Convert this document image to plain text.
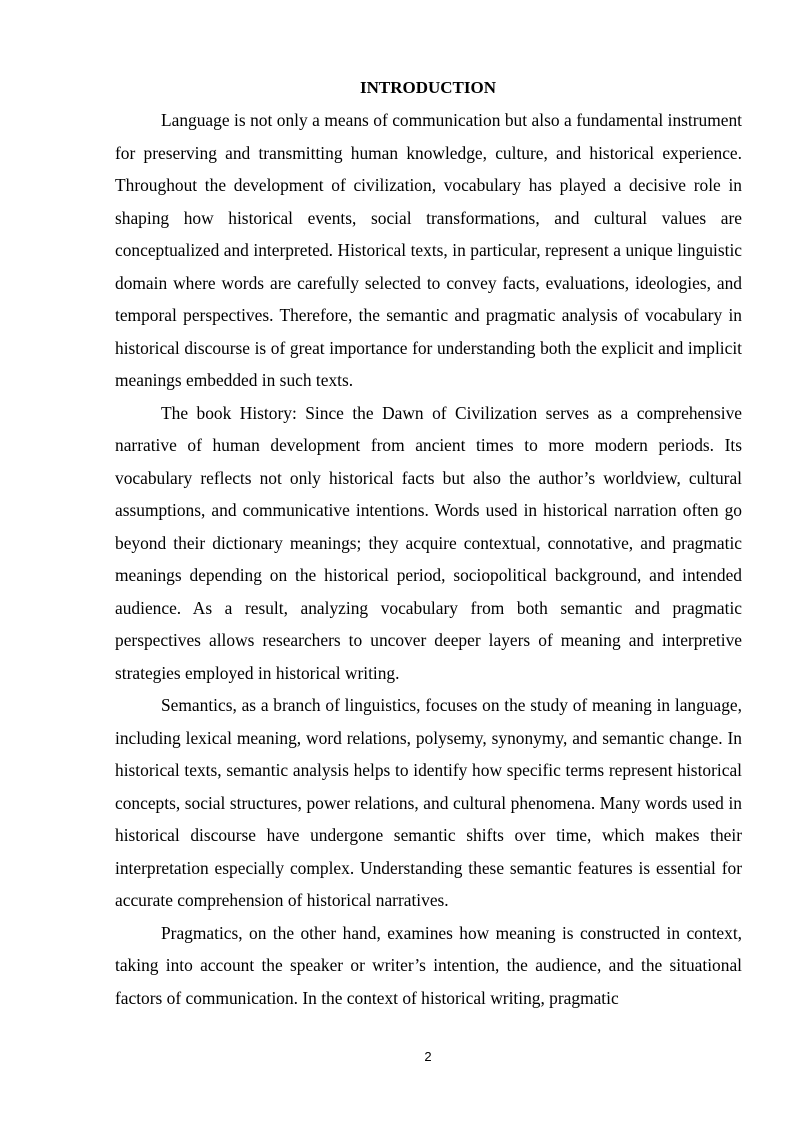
INTRODUCTION

Language is not only a means of communication but also a fundamental instrument for preserving and transmitting human knowledge, culture, and historical experience. Throughout the development of civilization, vocabulary has played a decisive role in shaping how historical events, social transformations, and cultural values are conceptualized and interpreted. Historical texts, in particular, represent a unique linguistic domain where words are carefully selected to convey facts, evaluations, ideologies, and temporal perspectives. Therefore, the semantic and pragmatic analysis of vocabulary in historical discourse is of great importance for understanding both the explicit and implicit meanings embedded in such texts.

The book History: Since the Dawn of Civilization serves as a comprehensive narrative of human development from ancient times to more modern periods. Its vocabulary reflects not only historical facts but also the author’s worldview, cultural assumptions, and communicative intentions. Words used in historical narration often go beyond their dictionary meanings; they acquire contextual, connotative, and pragmatic meanings depending on the historical period, sociopolitical background, and intended audience. As a result, analyzing vocabulary from both semantic and pragmatic perspectives allows researchers to uncover deeper layers of meaning and interpretive strategies employed in historical writing.

Semantics, as a branch of linguistics, focuses on the study of meaning in language, including lexical meaning, word relations, polysemy, synonymy, and semantic change. In historical texts, semantic analysis helps to identify how specific terms represent historical concepts, social structures, power relations, and cultural phenomena. Many words used in historical discourse have undergone semantic shifts over time, which makes their interpretation especially complex. Understanding these semantic features is essential for accurate comprehension of historical narratives.

Pragmatics, on the other hand, examines how meaning is constructed in context, taking into account the speaker or writer’s intention, the audience, and the situational factors of communication. In the context of historical writing, pragmatic

2
